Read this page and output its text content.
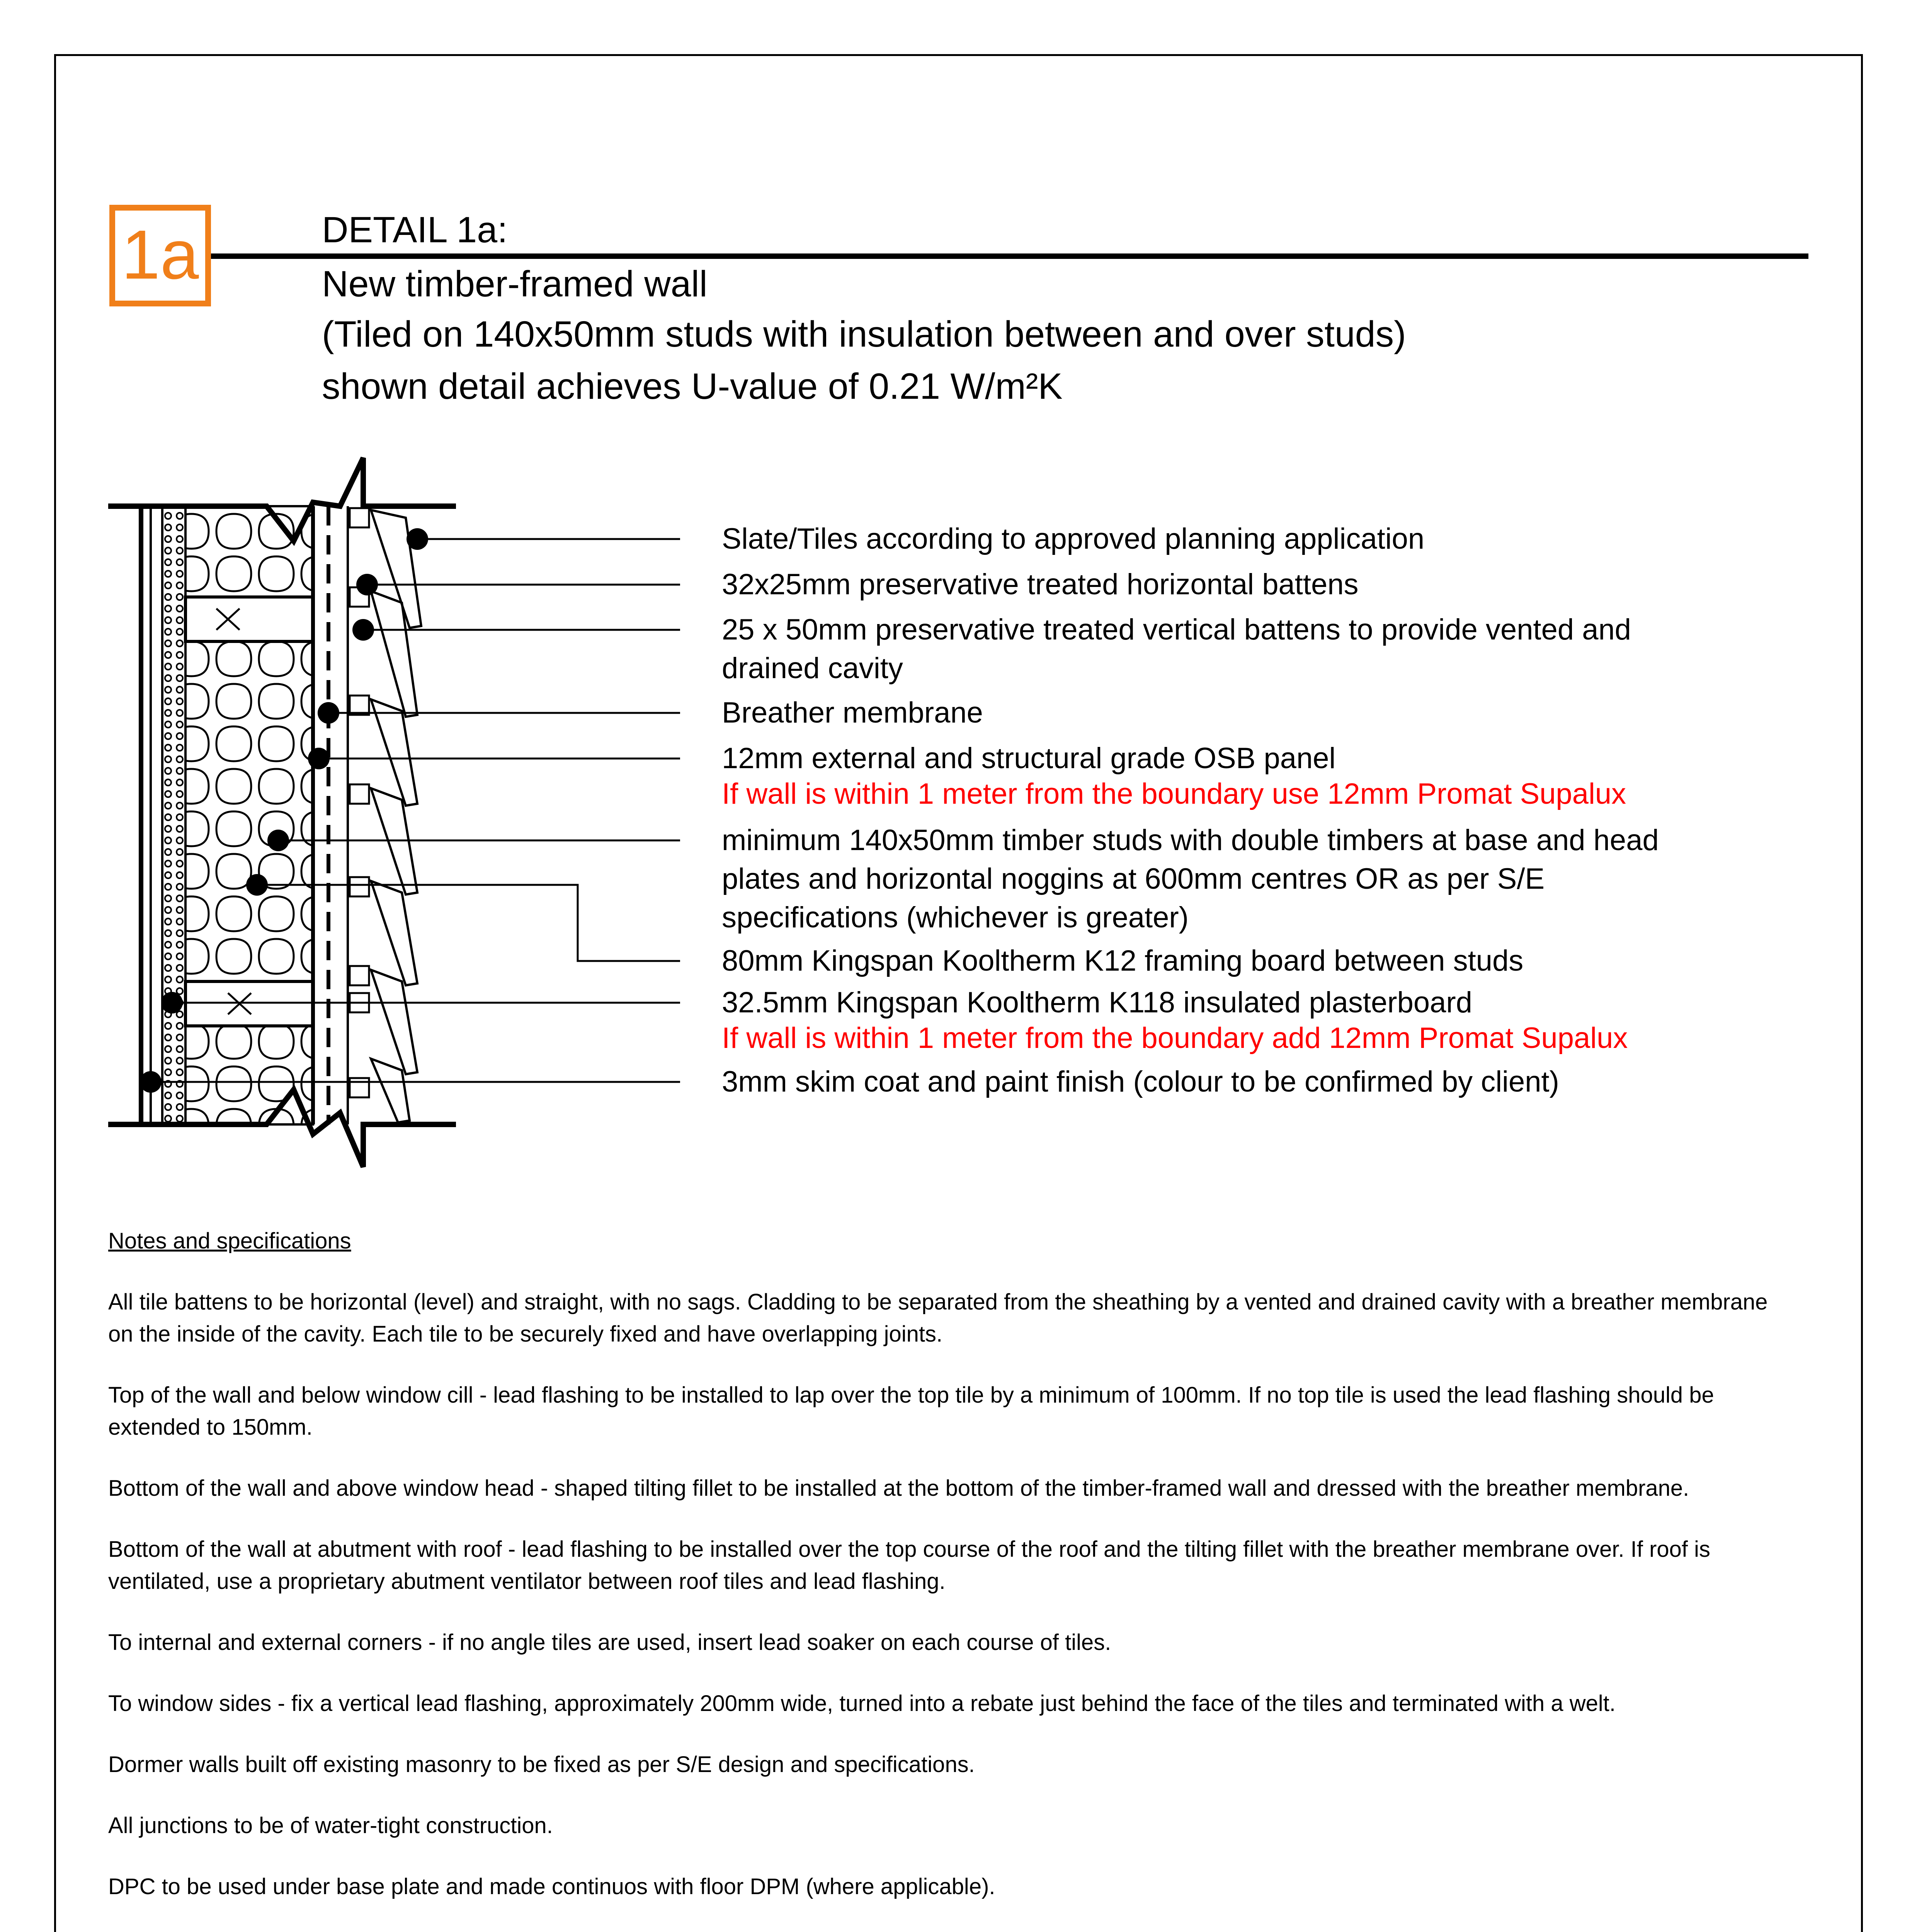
1a	DETAIL 1a:
New timber-framed wall
(Tiled on 140x50mm studs with insulation between and over studs)
shown detail achieves U-value of 0.21 W/m²K
Slate/Tiles according to approved planning application
32x25mm preservative treated horizontal battens
25 x 50mm preservative treated vertical battens to provide vented and
drained cavity
Breather membrane
12mm external and structural grade OSB panel
If wall is within 1 meter from the boundary use 12mm Promat Supalux
minimum 140x50mm timber studs with double timbers at base and head
plates and horizontal noggins at 600mm centres OR as per S/E
specifications (whichever is greater)
80mm Kingspan Kooltherm K12 framing board between studs
32.5mm Kingspan Kooltherm K118 insulated plasterboard
If wall is within 1 meter from the boundary add 12mm Promat Supalux
3mm skim coat and paint finish (colour to be confirmed by client)
Notes and specifications
All tile battens to be horizontal (level) and straight, with no sags. Cladding to be separated from the sheathing by a vented and drained cavity with a breather membrane on the inside of the cavity. Each tile to be securely fixed and have overlapping joints.
Top of the wall and below window cill - lead flashing to be installed to lap over the top tile by a minimum of 100mm. If no top tile is used the lead flashing should be extended to 150mm.
Bottom of the wall and above window head - shaped tilting fillet to be installed at the bottom of the timber-framed wall and dressed with the breather membrane.
Bottom of the wall at abutment with roof - lead flashing to be installed over the top course of the roof and the tilting fillet with the breather membrane over. If roof is ventilated, use a proprietary abutment ventilator between roof tiles and lead flashing.
To internal and external corners - if no angle tiles are used, insert lead soaker on each course of tiles.
To window sides - fix a vertical lead flashing, approximately 200mm wide, turned into a rebate just behind the face of the tiles and terminated with a welt.
Dormer walls built off existing masonry to be fixed as per S/E design and specifications.
All junctions to be of water-tight construction.
DPC to be used under base plate and made continuos with floor DPM (where applicable).
